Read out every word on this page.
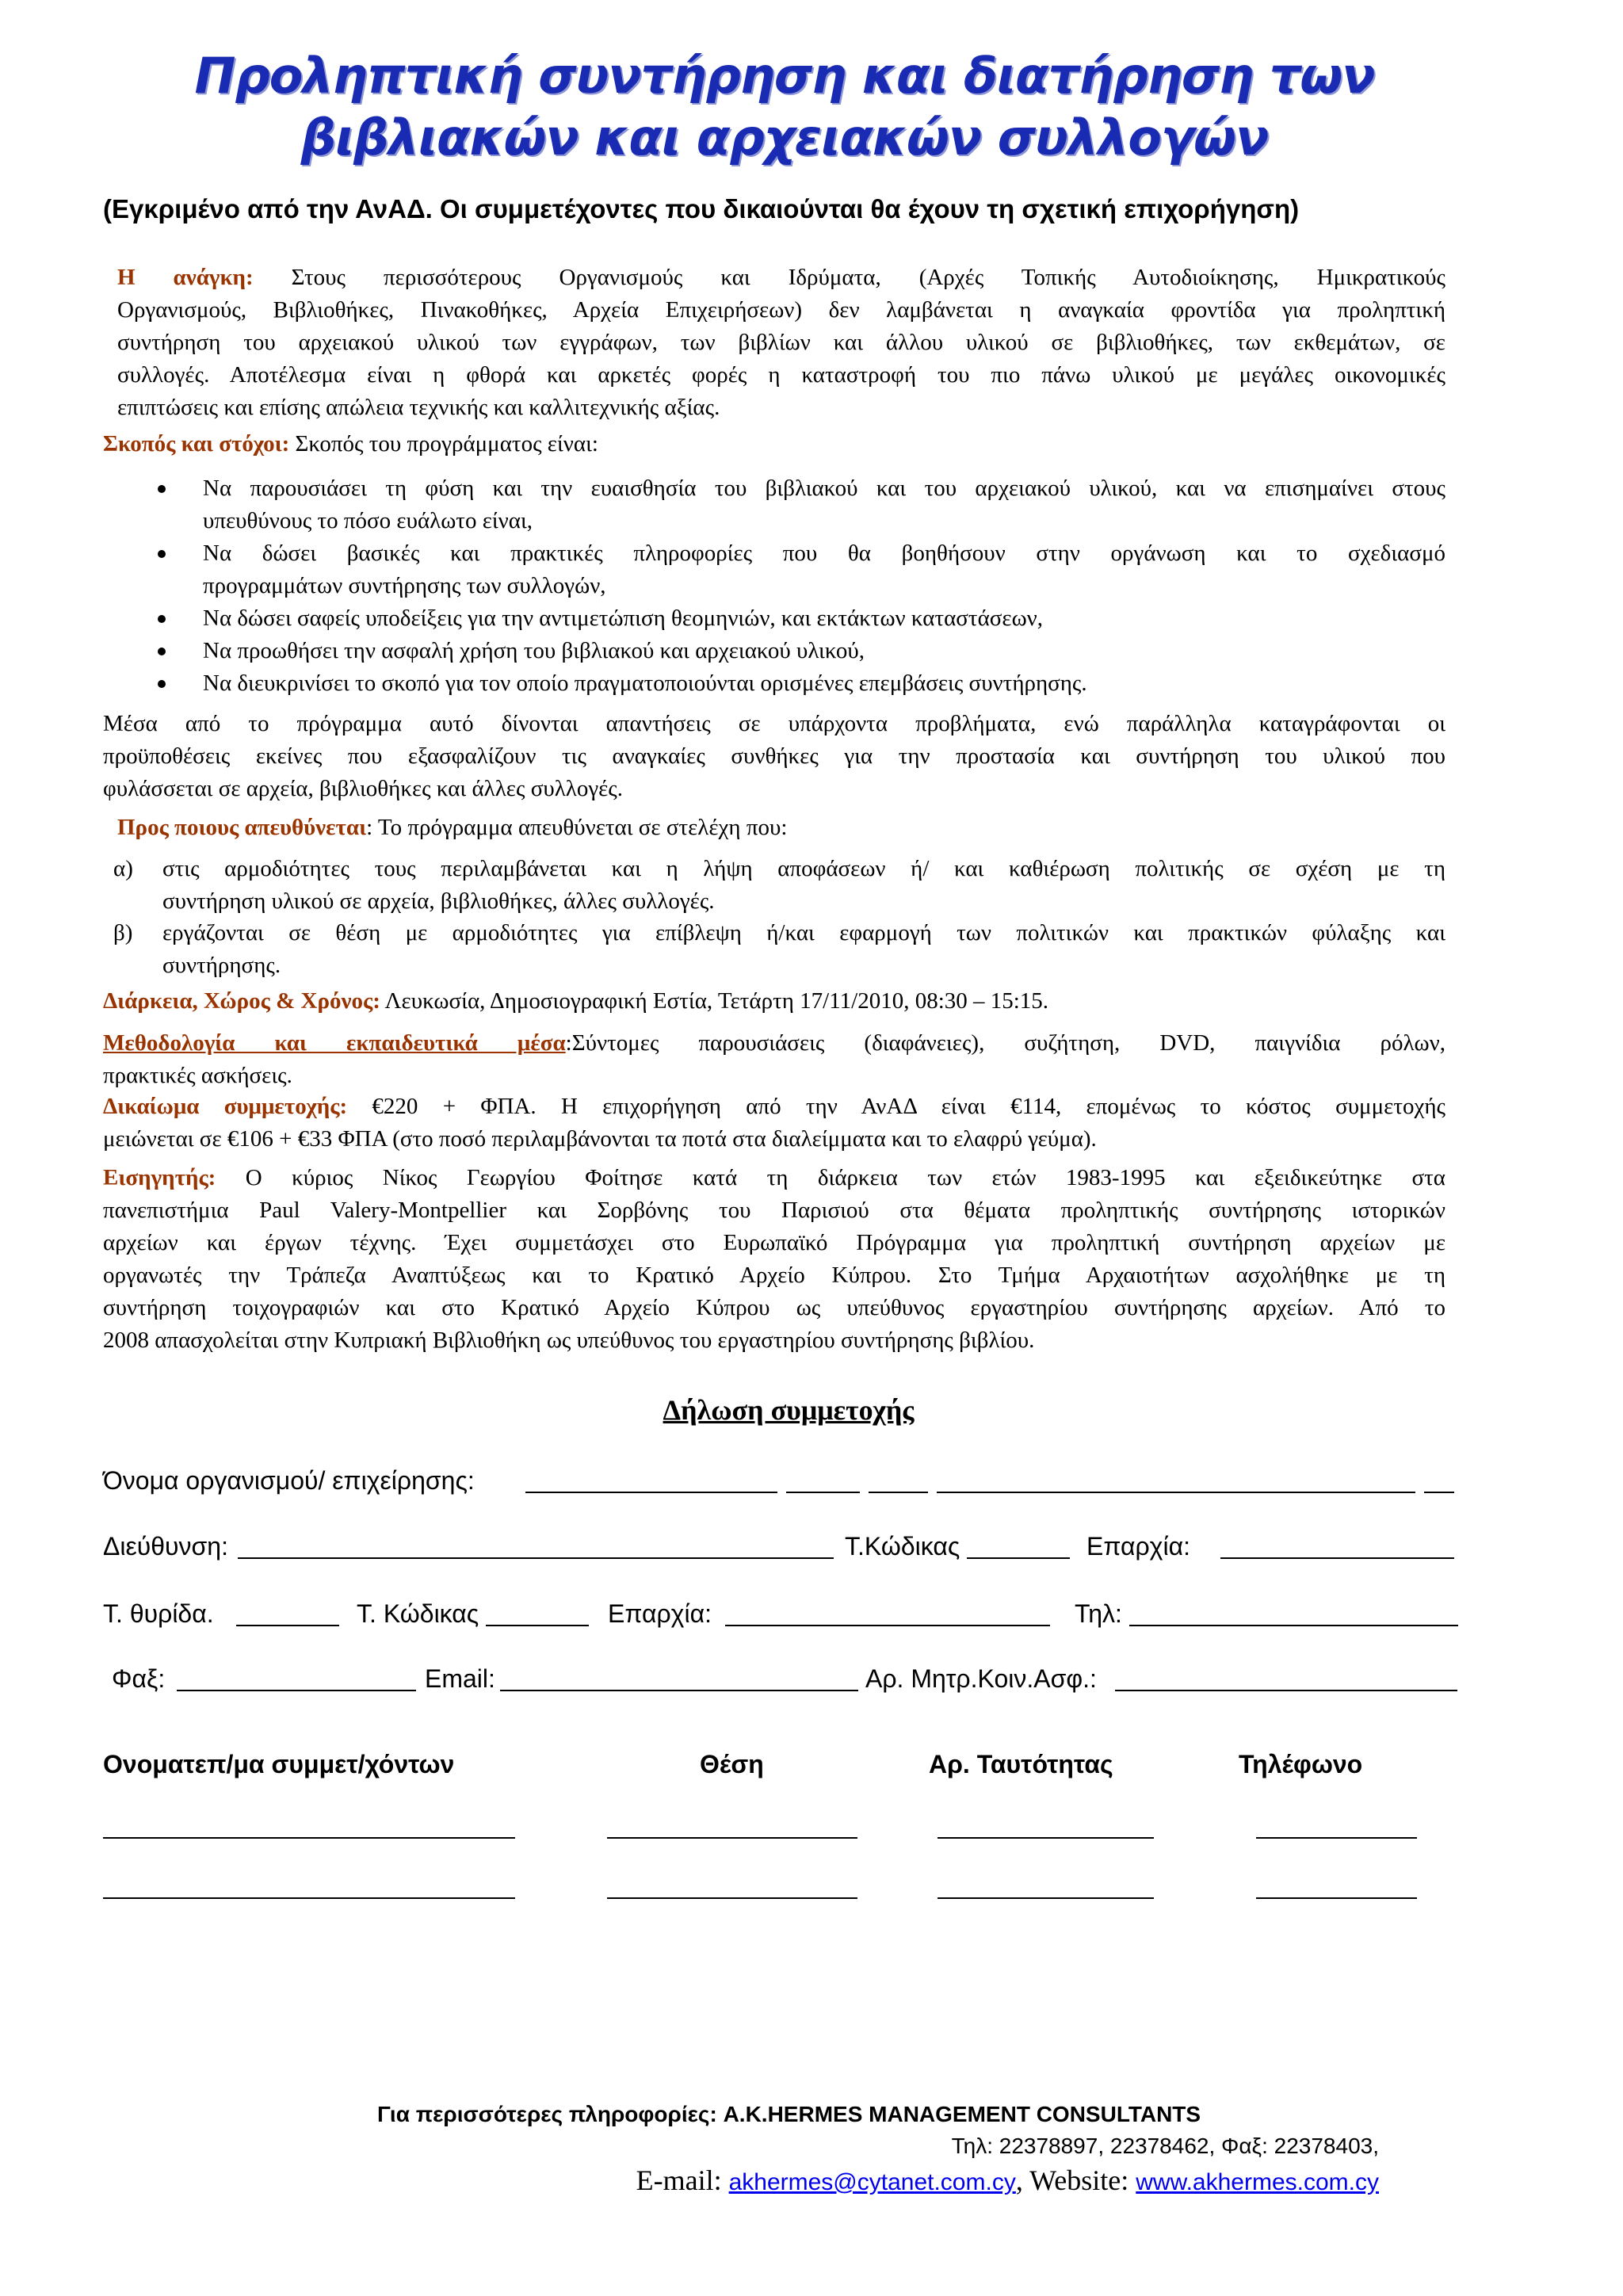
Προληπτική συντήρηση και διατήρηση των
βιβλιακών και αρχειακών συλλογών
(Εγκριμένο από την ΑνΑΔ. Οι συμμετέχοντες που δικαιούνται θα έχουν τη σχετική επιχορήγηση)
Η ανάγκη: Στους περισσότερους Οργανισμούς και Ιδρύματα, (Αρχές Τοπικής Αυτοδιοίκησης, Ημικρατικούς
Οργανισμούς, Βιβλιοθήκες, Πινακοθήκες, Αρχεία Επιχειρήσεων) δεν λαμβάνεται η αναγκαία φροντίδα για προληπτική
συντήρηση του αρχειακού υλικού των εγγράφων, των βιβλίων και άλλου υλικού σε βιβλιοθήκες, των εκθεμάτων, σε
συλλογές. Αποτέλεσμα είναι η φθορά και αρκετές φορές η καταστροφή του πιο πάνω υλικού με μεγάλες οικονομικές
επιπτώσεις και επίσης απώλεια τεχνικής και καλλιτεχνικής αξίας.
Σκοπός και στόχοι: Σκοπός του προγράμματος είναι:
Να παρουσιάσει τη φύση και την ευαισθησία του βιβλιακού και του αρχειακού υλικού, και να επισημαίνει στους
υπευθύνους το πόσο ευάλωτο είναι,
Να δώσει βασικές και πρακτικές πληροφορίες που θα βοηθήσουν στην οργάνωση και το σχεδιασμό
προγραμμάτων συντήρησης των συλλογών,
Να δώσει σαφείς υποδείξεις για την αντιμετώπιση θεομηνιών, και εκτάκτων καταστάσεων,
Να προωθήσει την ασφαλή χρήση του βιβλιακού και αρχειακού υλικού,
Να διευκρινίσει το σκοπό για τον οποίο πραγματοποιούνται ορισμένες επεμβάσεις συντήρησης.
Μέσα από το πρόγραμμα αυτό δίνονται απαντήσεις σε υπάρχοντα προβλήματα, ενώ παράλληλα καταγράφονται οι
προϋποθέσεις εκείνες που εξασφαλίζουν τις αναγκαίες συνθήκες για την προστασία και συντήρηση του υλικού που
φυλάσσεται σε αρχεία, βιβλιοθήκες και άλλες συλλογές.
Προς ποιους απευθύνεται: Το πρόγραμμα απευθύνεται σε στελέχη που:
α) στις αρμοδιότητες τους περιλαμβάνεται και η λήψη αποφάσεων ή/ και καθιέρωση πολιτικής σε σχέση με τη
συντήρηση υλικού σε αρχεία, βιβλιοθήκες, άλλες συλλογές.
β) εργάζονται σε θέση με αρμοδιότητες για επίβλεψη ή/και εφαρμογή των πολιτικών και πρακτικών φύλαξης και
συντήρησης.
Διάρκεια, Χώρος & Χρόνος: Λευκωσία, Δημοσιογραφική Εστία, Τετάρτη 17/11/2010, 08:30 – 15:15.
Μεθοδολογία και εκπαιδευτικά μέσα:Σύντομες παρουσιάσεις (διαφάνειες), συζήτηση, DVD, παιγνίδια ρόλων,
πρακτικές ασκήσεις.
Δικαίωμα συμμετοχής: €220 + ΦΠΑ. Η επιχορήγηση από την ΑνΑΔ είναι €114, επομένως το κόστος συμμετοχής
μειώνεται σε €106 + €33 ΦΠΑ (στο ποσό περιλαμβάνονται τα ποτά στα διαλείμματα και το ελαφρύ γεύμα).
Εισηγητής: Ο κύριος Νίκος Γεωργίου Φοίτησε κατά τη διάρκεια των ετών 1983-1995 και εξειδικεύτηκε στα
πανεπιστήμια Paul Valery-Montpellier και Σορβόνης του Παρισιού στα θέματα προληπτικής συντήρησης ιστορικών
αρχείων και έργων τέχνης. Έχει συμμετάσχει στο Ευρωπαϊκό Πρόγραμμα για προληπτική συντήρηση αρχείων με
οργανωτές την Τράπεζα Αναπτύξεως και το Κρατικό Αρχείο Κύπρου. Στο Τμήμα Αρχαιοτήτων ασχολήθηκε με τη
συντήρηση τοιχογραφιών και στο Κρατικό Αρχείο Κύπρου ως υπεύθυνος εργαστηρίου συντήρησης αρχείων. Από το
2008 απασχολείται στην Κυπριακή Βιβλιοθήκη ως υπεύθυνος του εργαστηρίου συντήρησης βιβλίου.
Δήλωση συμμετοχής
Όνομα οργανισμού/ επιχείρησης:
Διεύθυνση:	Τ.Κώδικας	Επαρχία:
Τ. θυρίδα.	Τ. Κώδικας	Επαρχία:	Τηλ:
Φαξ:	Email:	Αρ. Μητρ.Κοιν.Ασφ.:
Ονοματεπ/μα συμμετ/χόντων	Θέση	Αρ. Ταυτότητας	Τηλέφωνο
Για περισσότερες πληροφορίες: A.K.HERMES MANAGEMENT CONSULTANTS
Τηλ: 22378897, 22378462, Φαξ: 22378403,
E-mail: akhermes@cytanet.com.cy, Website: www.akhermes.com.cy
